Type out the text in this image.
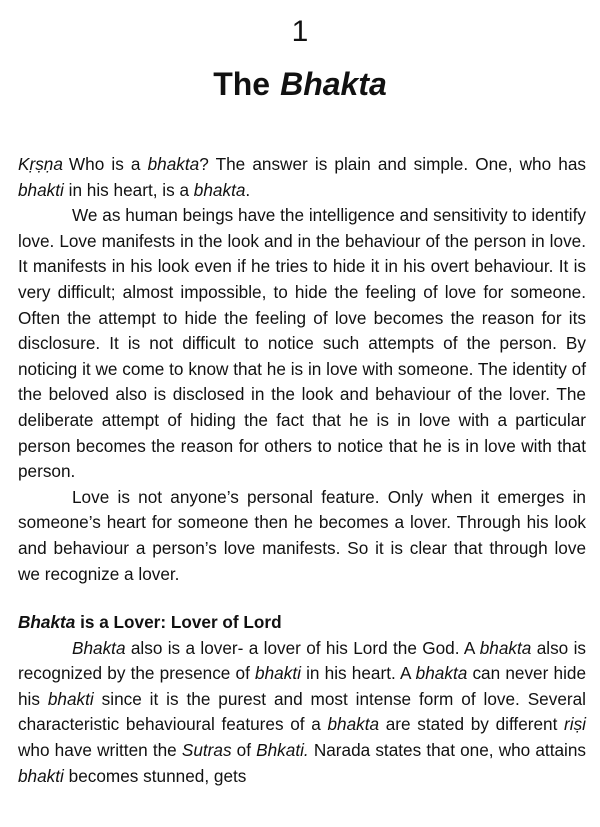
1
The Bhakta

Kṛṣṇa Who is a bhakta? The answer is plain and simple. One, who has bhakti in his heart, is a bhakta.

We as human beings have the intelligence and sensitivity to identify love. Love manifests in the look and in the behaviour of the person in love. It manifests in his look even if he tries to hide it in his overt behaviour. It is very difficult; almost impossible, to hide the feeling of love for someone. Often the attempt to hide the feeling of love becomes the reason for its disclosure. It is not difficult to notice such attempts of the person. By noticing it we come to know that he is in love with someone. The identity of the beloved also is disclosed in the look and behaviour of the lover. The deliberate attempt of hiding the fact that he is in love with a particular person becomes the reason for others to notice that he is in love with that person.

Love is not anyone’s personal feature. Only when it emerges in someone’s heart for someone then he becomes a lover. Through his look and behaviour a person’s love manifests. So it is clear that through love we recognize a lover.

Bhakta is a Lover: Lover of Lord

Bhakta also is a lover- a lover of his Lord the God. A bhakta also is recognized by the presence of bhakti in his heart. A bhakta can never hide his bhakti since it is the purest and most intense form of love. Several characteristic behavioural features of a bhakta are stated by different riṣi who have written the Sutras of Bhkati. Narada states that one, who attains bhakti becomes stunned, gets
